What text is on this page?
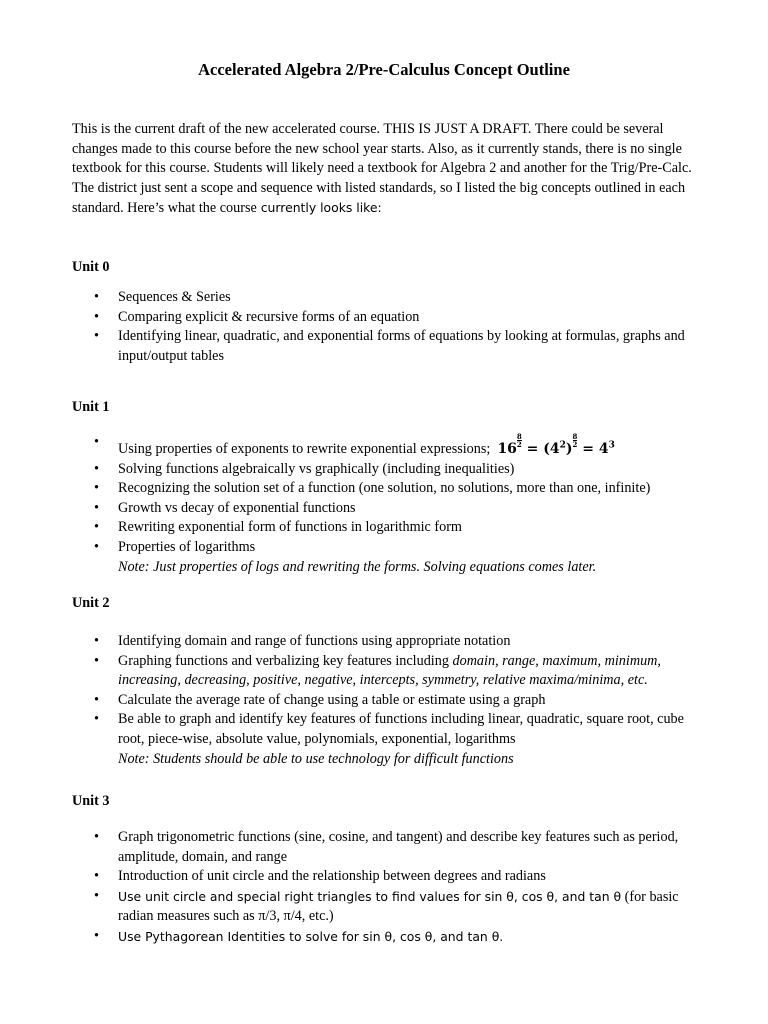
Accelerated Algebra 2/Pre-Calculus Concept Outline

This is the current draft of the new accelerated course. THIS IS JUST A DRAFT. There could be several changes made to this course before the new school year starts. Also, as it currently stands, there is no single textbook for this course. Students will likely need a textbook for Algebra 2 and another for the Trig/Pre-Calc. The district just sent a scope and sequence with listed standards, so I listed the big concepts outlined in each standard. Here’s what the course currently looks like:

Unit 0

• Sequences & Series
• Comparing explicit & recursive forms of an equation
• Identifying linear, quadratic, and exponential forms of equations by looking at formulas, graphs and input/output tables

Unit 1

• Using properties of exponents to rewrite exponential expressions; 16
$\frac{8}{2}$
= $(4^2)$
$\frac{8}{2}$
= $4^3$
• Solving functions algebraically vs graphically (including inequalities)
• Recognizing the solution set of a function (one solution, no solutions, more than one, infinite)
• Growth vs decay of exponential functions
• Rewriting exponential form of functions in logarithmic form
• Properties of logarithms
Note: Just properties of logs and rewriting the forms. Solving equations comes later.

Unit 2

• Identifying domain and range of functions using appropriate notation
• Graphing functions and verbalizing key features including domain, range, maximum, minimum, increasing, decreasing, positive, negative, intercepts, symmetry, relative maxima/minima, etc.
• Calculate the average rate of change using a table or estimate using a graph
• Be able to graph and identify key features of functions including linear, quadratic, square root, cube root, piece-wise, absolute value, polynomials, exponential, logarithms
Note: Students should be able to use technology for difficult functions

Unit 3

• Graph trigonometric functions (sine, cosine, and tangent) and describe key features such as period, amplitude, domain, and range
• Introduction of unit circle and the relationship between degrees and radians
• Use unit circle and special right triangles to find values for sin θ, cos θ, and tan θ (for basic radian measures such as π/3, π/4, etc.)
• Use Pythagorean Identities to solve for sin θ, cos θ, and tan θ.
